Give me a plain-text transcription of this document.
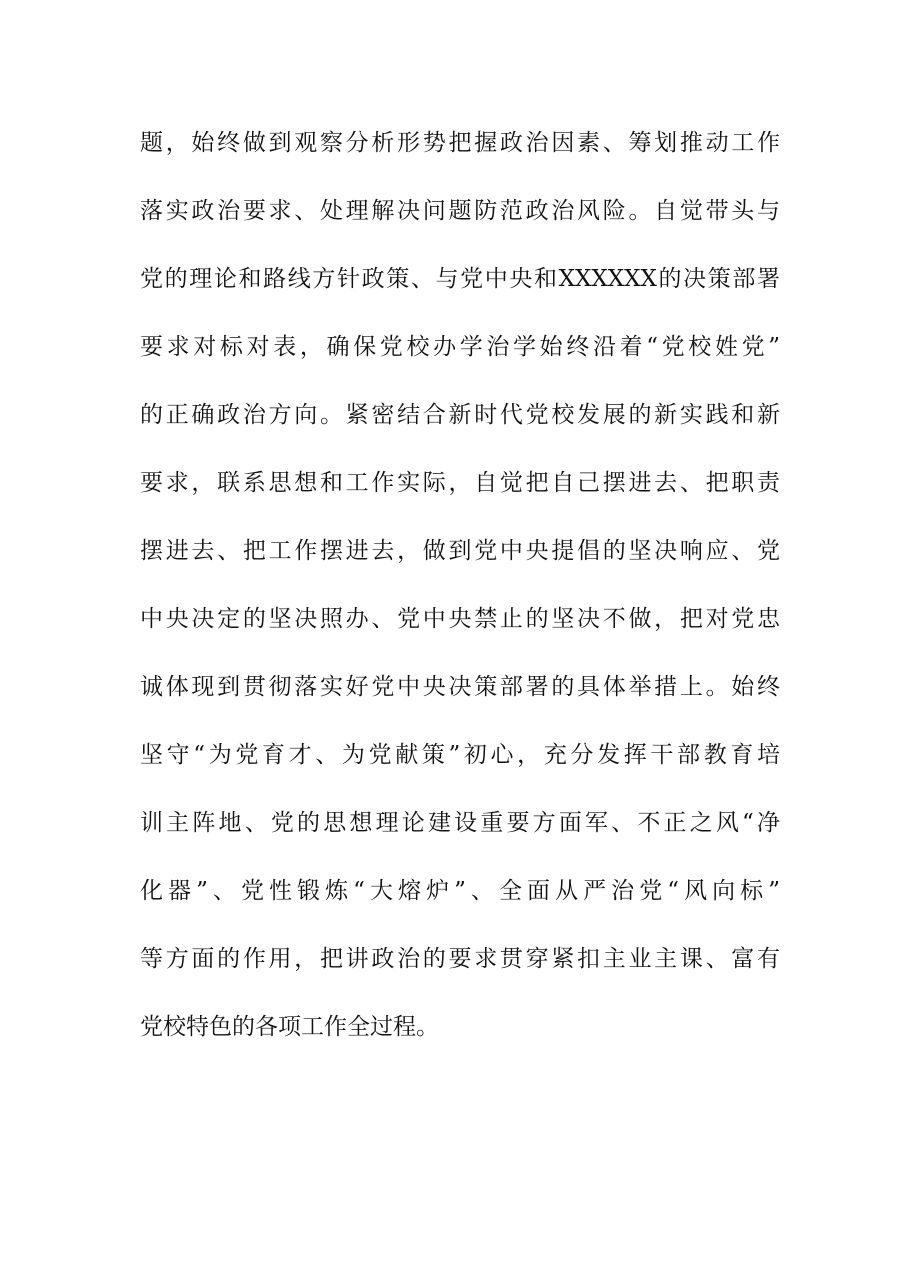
题，始终做到观察分析形势把握政治因素、筹划推动工作
落实政治要求、处理解决问题防范政治风险。自觉带头与
党的理论和路线方针政策、与党中央和XXXXXX的决策部署
要求对标对表，确保党校办学治学始终沿着“党校姓党”
的正确政治方向。紧密结合新时代党校发展的新实践和新
要求，联系思想和工作实际，自觉把自己摆进去、把职责
摆进去、把工作摆进去，做到党中央提倡的坚决响应、党
中央决定的坚决照办、党中央禁止的坚决不做，把对党忠
诚体现到贯彻落实好党中央决策部署的具体举措上。始终
坚守“为党育才、为党献策”初心，充分发挥干部教育培
训主阵地、党的思想理论建设重要方面军、不正之风“净
化器”、党性锻炼“大熔炉”、全面从严治党“风向标”
等方面的作用，把讲政治的要求贯穿紧扣主业主课、富有
党校特色的各项工作全过程。
